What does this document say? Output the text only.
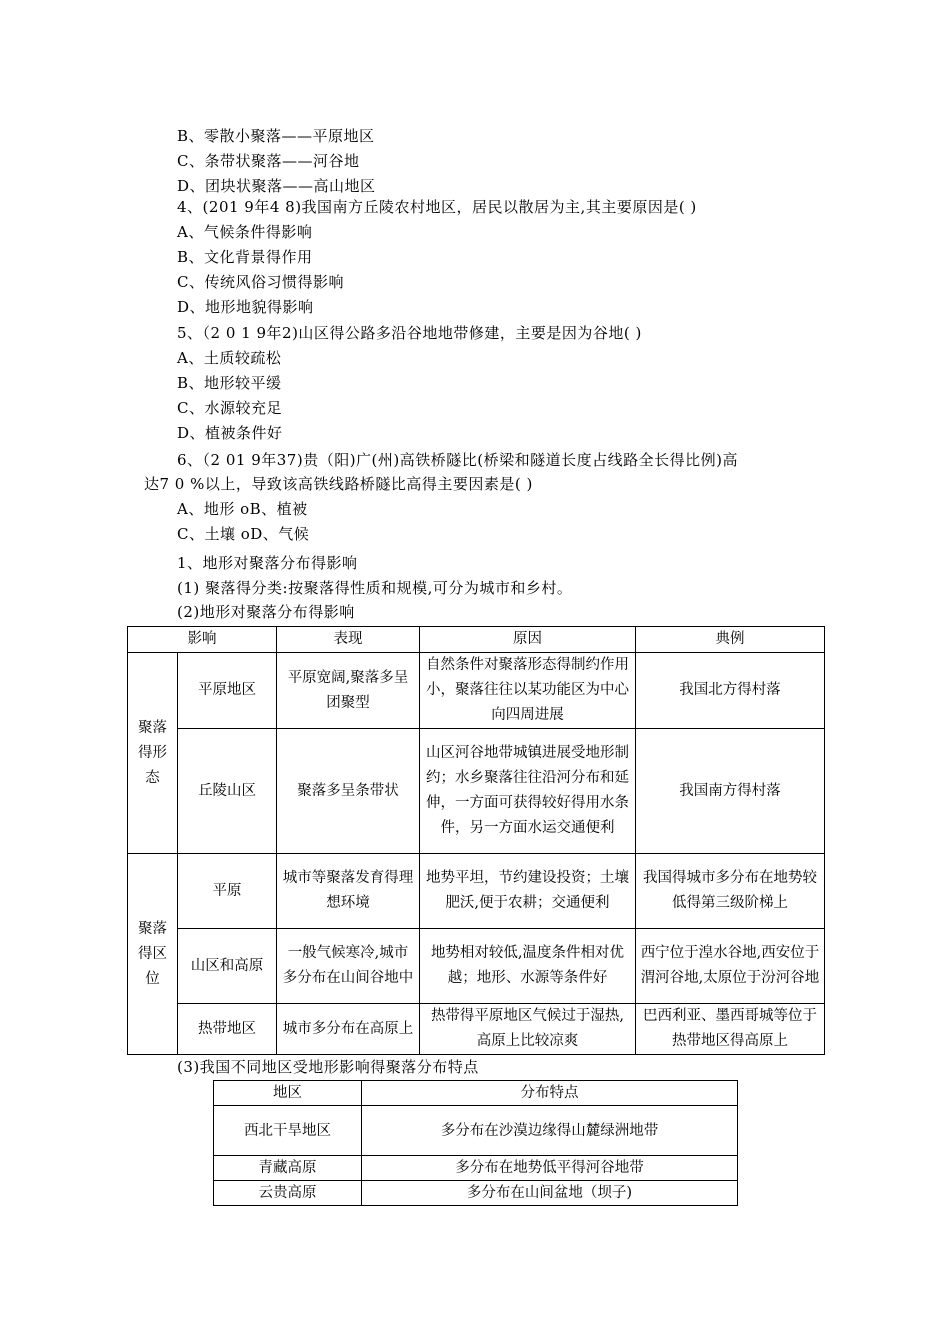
B、零散小聚落——平原地区
C、条带状聚落——河谷地
D、团块状聚落——高山地区
4、(201 9年4 8)我国南方丘陵农村地区，居民以散居为主,其主要原因是( )
A、气候条件得影响
B、文化背景得作用
C、传统风俗习惯得影响
D、地形地貌得影响
5、（2 0 1 9年2)山区得公路多沿谷地地带修建，主要是因为谷地( )
A、土质较疏松
B、地形较平缓
C、水源较充足
D、植被条件好
6、（2 01 9年37)贵（阳)广(州)高铁桥隧比(桥梁和隧道长度占线路全长得比例)高
达7 0 %以上，导致该高铁线路桥隧比高得主要因素是( )
A、地形 oB、植被
C、土壤 oD、气候
1、地形对聚落分布得影响
(1) 聚落得分类:按聚落得性质和规模,可分为城市和乡村。
(2)地形对聚落分布得影响
影响		表现	原因	典例
聚落得形态	平原地区	平原宽阔,聚落多呈团聚型	自然条件对聚落形态得制约作用小，聚落往往以某功能区为中心向四周进展	我国北方得村落
	丘陵山区	聚落多呈条带状	山区河谷地带城镇进展受地形制约；水乡聚落往往沿河分布和延伸，一方面可获得较好得用水条件，另一方面水运交通便利	我国南方得村落
聚落得区位	平原	城市等聚落发育得理想环境	地势平坦，节约建设投资；土壤肥沃,便于农耕；交通便利	我国得城市多分布在地势较低得第三级阶梯上
	山区和高原	一般气候寒冷,城市多分布在山间谷地中	地势相对较低,温度条件相对优越；地形、水源等条件好	西宁位于湟水谷地,西安位于渭河谷地,太原位于汾河谷地
	热带地区	城市多分布在高原上	热带得平原地区气候过于湿热,高原上比较凉爽	巴西利亚、墨西哥城等位于热带地区得高原上
(3)我国不同地区受地形影响得聚落分布特点
地区	分布特点
西北干旱地区	多分布在沙漠边缘得山麓绿洲地带
青藏高原	多分布在地势低平得河谷地带
云贵高原	多分布在山间盆地（坝子)
